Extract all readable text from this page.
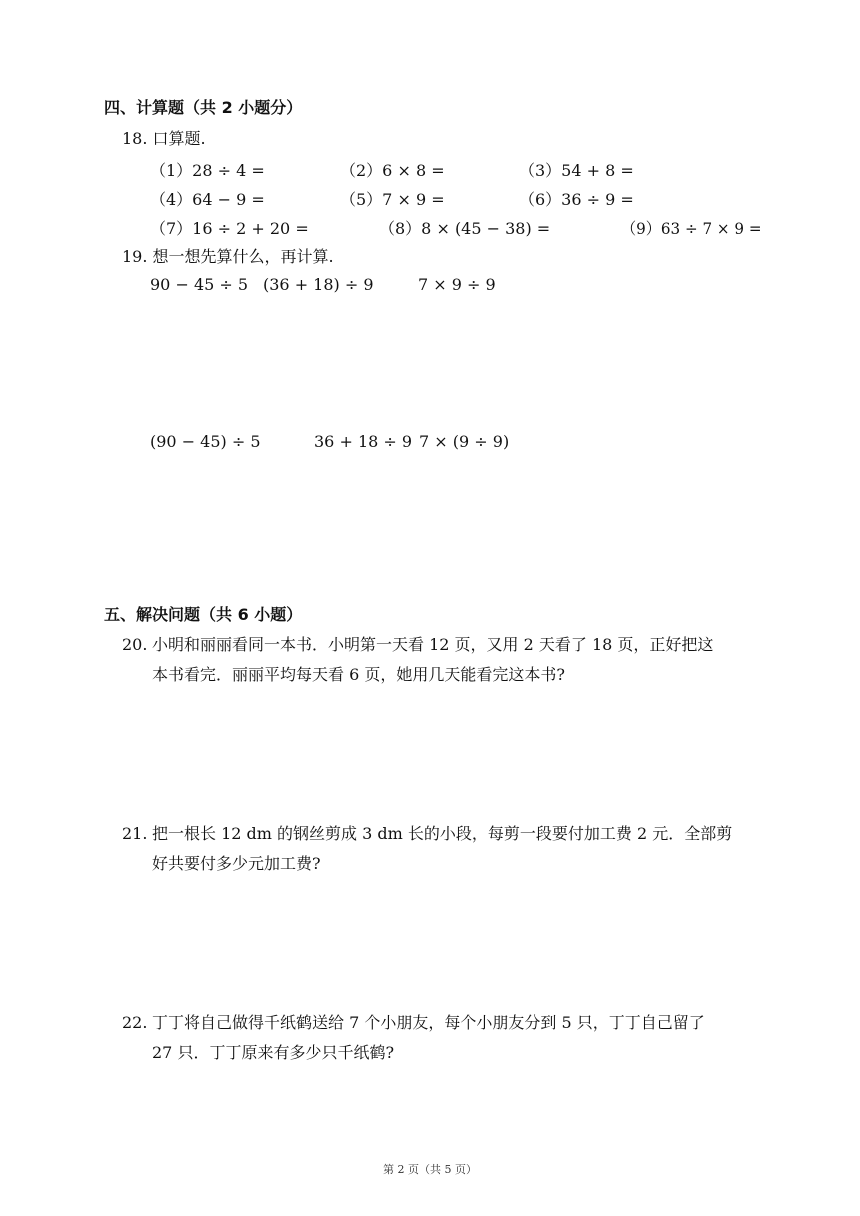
四、计算题（共 2 小题分）
18. 口算题.
（1）28 ÷ 4 =	（2）6 × 8 =	（3）54 + 8 =
（4）64 − 9 =	（5）7 × 9 =	（6）36 ÷ 9 =
（7）16 ÷ 2 + 20 =	（8）8 × (45 − 38) =	（9）63 ÷ 7 × 9 =
19. 想一想先算什么，再计算.
90 − 45 ÷ 5 (36 + 18) ÷ 9	7 × 9 ÷ 9
(90 − 45) ÷ 5	36 + 18 ÷ 9 7 × (9 ÷ 9)
五、解决问题（共 6 小题）
20. 小明和丽丽看同一本书．小明第一天看 12 页，又用 2 天看了 18 页，正好把这
本书看完．丽丽平均每天看 6 页，她用几天能看完这本书?
21. 把一根长 12 dm 的钢丝剪成 3 dm 长的小段，每剪一段要付加工费 2 元．全部剪
好共要付多少元加工费?
22. 丁丁将自己做得千纸鹤送给 7 个小朋友，每个小朋友分到 5 只，丁丁自己留了
27 只．丁丁原来有多少只千纸鹤?
第 2 页（共 5 页）
